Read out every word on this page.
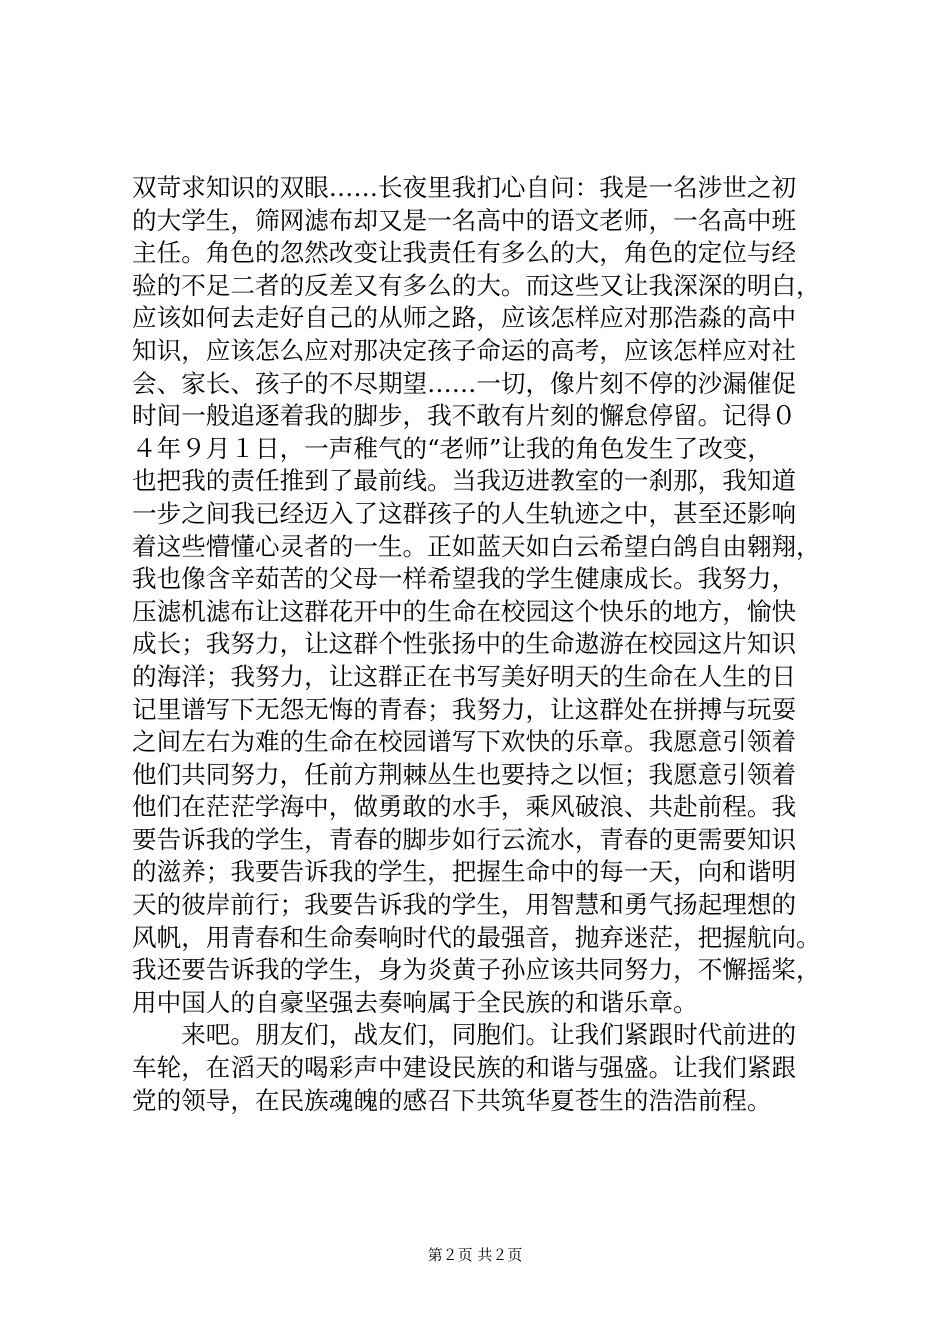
双苛求知识的双眼……长夜里我扪心自问：我是一名涉世之初
的大学生，筛网滤布却又是一名高中的语文老师，一名高中班
主任。角色的忽然改变让我责任有多么的大，角色的定位与经
验的不足二者的反差又有多么的大。而这些又让我深深的明白，
应该如何去走好自己的从师之路，应该怎样应对那浩淼的高中
知识，应该怎么应对那决定孩子命运的高考，应该怎样应对社
会、家长、孩子的不尽期望……一切，像片刻不停的沙漏催促
时间一般追逐着我的脚步，我不敢有片刻的懈怠停留。记得０
４年９月１日，一声稚气的“老师”让我的角色发生了改变，
也把我的责任推到了最前线。当我迈进教室的一刹那，我知道
一步之间我已经迈入了这群孩子的人生轨迹之中，甚至还影响
着这些懵懂心灵者的一生。正如蓝天如白云希望白鸽自由翱翔，
我也像含辛茹苦的父母一样希望我的学生健康成长。我努力，
压滤机滤布让这群花开中的生命在校园这个快乐的地方，愉快
成长；我努力，让这群个性张扬中的生命遨游在校园这片知识
的海洋；我努力，让这群正在书写美好明天的生命在人生的日
记里谱写下无怨无悔的青春；我努力，让这群处在拼搏与玩耍
之间左右为难的生命在校园谱写下欢快的乐章。我愿意引领着
他们共同努力，任前方荆棘丛生也要持之以恒；我愿意引领着
他们在茫茫学海中，做勇敢的水手，乘风破浪、共赴前程。我
要告诉我的学生，青春的脚步如行云流水，青春的更需要知识
的滋养；我要告诉我的学生，把握生命中的每一天，向和谐明
天的彼岸前行；我要告诉我的学生，用智慧和勇气扬起理想的
风帆，用青春和生命奏响时代的最强音，抛弃迷茫，把握航向。
我还要告诉我的学生，身为炎黄子孙应该共同努力，不懈摇桨，
用中国人的自豪坚强去奏响属于全民族的和谐乐章。
　　来吧。朋友们，战友们，同胞们。让我们紧跟时代前进的
车轮，在滔天的喝彩声中建设民族的和谐与强盛。让我们紧跟
党的领导，在民族魂魄的感召下共筑华夏苍生的浩浩前程。
第２页 共２页
